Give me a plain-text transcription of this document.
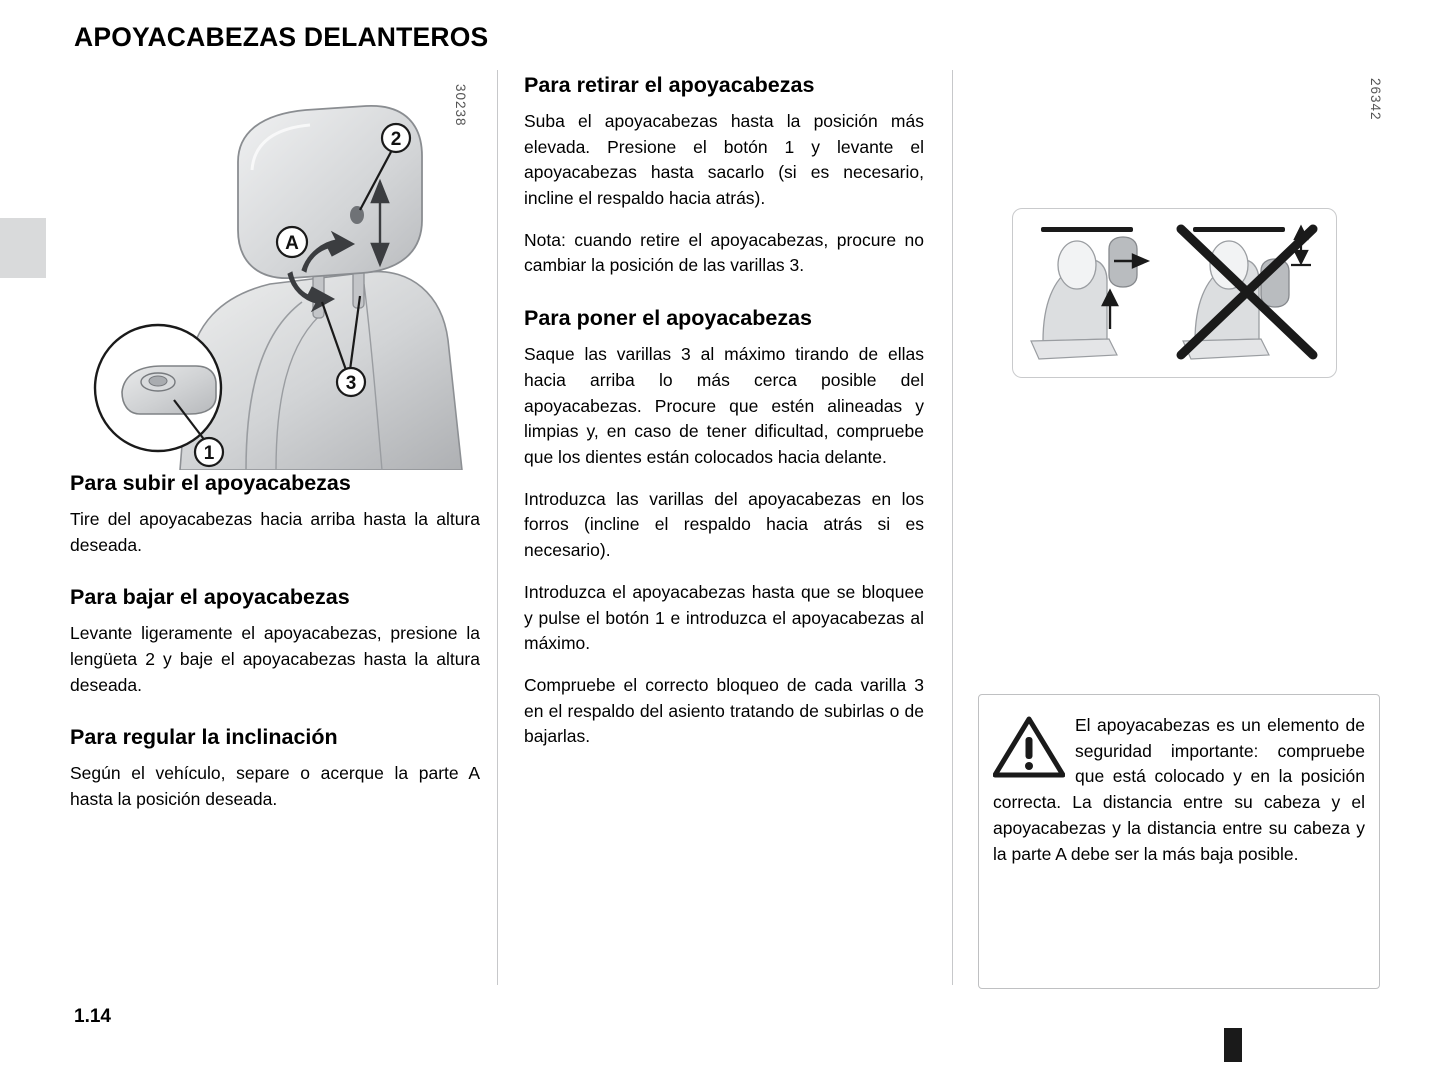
APOYACABEZAS DELANTEROS
1.14
30238
2
A
3
1
Para subir el apoyacabezas

Tire del apoyacabezas hacia arriba hasta la altura deseada.

Para bajar el apoyacabezas

Levante ligeramente el apoyacabezas, presione la lengüeta 2 y baje el apoyacabezas hasta la altura deseada.

Para regular la inclinación

Según el vehículo, separe o acerque la parte A hasta la posición deseada.

Para retirar el apoyacabezas

Suba el apoyacabezas hasta la posición más elevada. Presione el botón 1 y levante el apoyacabezas hasta sacarlo (si es necesario, incline el respaldo hacia atrás).

Nota: cuando retire el apoyacabezas, procure no cambiar la posición de las varillas 3.

Para poner el apoyacabezas

Saque las varillas 3 al máximo tirando de ellas hacia arriba lo más cerca posible del apoyacabezas. Procure que estén alineadas y limpias y, en caso de tener dificultad, compruebe que los dientes están colocados hacia delante.

Introduzca las varillas del apoyacabezas en los forros (incline el respaldo hacia atrás si es necesario).

Introduzca el apoyacabezas hasta que se bloquee y pulse el botón 1 e introduzca el apoyacabezas al máximo.

Compruebe el correcto bloqueo de cada varilla 3 en el respaldo del asiento tratando de subirlas o de bajarlas.

26342

El apoyacabezas es un elemento de seguridad importante: compruebe que está colocado y en la posición correcta. La distancia entre su cabeza y el apoyacabezas y la distancia entre su cabeza y la parte A debe ser la más baja posible.
